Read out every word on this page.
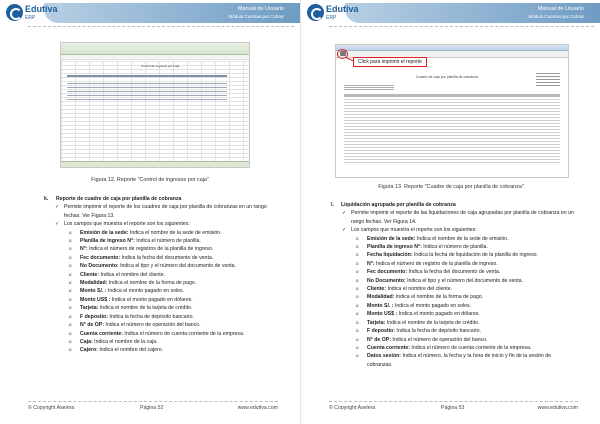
Edutiva
ERP
Manual de Usuario
Módulo Cuentas por Cobrar
Control de Ingresos por Caja
Figura 12. Reporte "Control de ingresos por caja"
k. Reporte de cuadre de caja por planilla de cobranza
✓ Permite imprimir el reporte de los cuadres de caja por planilla de cobranzas en un rango fechas. Ver Figura 13.
✓ Los campos que muestra el reporte son los siguientes:
o Emisión de la sede: Indica el nombre de la sede de emisión.
o Planilla de ingreso N°: Indica el número de planilla.
o N°: Indica el número de registros de la planilla de ingreso.
o Fec documento: Indica la fecha del documento de venta.
o No Documento: Indica el tipo y el número del documento de venta.
o Cliente: Indica el nombre del cliente.
o Modalidad: Indica el nombre de la forma de pago.
o Monto S/. : Indica el monto pagado en soles.
o Monto US$ : Indica el monto pagado en dólares.
o Tarjeta: Indica el nombre de la tarjeta de crédito.
o F deposito: Indica la fecha de depósito bancario.
o N° de OP: Indica el número de operación del banco.
o Cuenta corriente: Indica el número de cuenta corriente de la empresa.
o Caja: Indica el nombre de la caja.
o Cajero: Indica el nombre del cajero.
© Copyright Aselera	Página 52	www.edutiva.com
Edutiva
ERP
Manual de Usuario
Módulo Cuentas por Cobrar
Click para imprimir el reporte
Cuadre de caja por planilla de cobranza
Figura 13. Reporte "Cuadre de caja por planilla de cobranza"
l. Liquidación agrupada por planilla de cobranza
✓ Permite imprimir el reporte de las liquidaciones de caja agrupadas por planilla de cobranza en un rango fechas. Ver Figura 14.
✓ Los campos que muestra el reporte son los siguientes:
o Emisión de la sede: Indica el nombre de la sede de emisión.
o Planilla de ingreso N°: Indica el número de planilla.
o Fecha liquidación: Indica la fecha de liquidación de la planilla de ingreso.
o N°: Indica el número de registro de la planilla de ingreso.
o Fec documento: Indica la fecha del documento de venta.
o No Documento: Indica el tipo y el número del documento de venta.
o Cliente: Indica el nombre del cliente.
o Modalidad: Indica el nombre de la forma de pago.
o Monto S/. : Indica el monto pagado en soles.
o Monto US$ : Indica el monto pagado en dólares.
o Tarjeta: Indica el nombre de la tarjeta de crédito.
o F deposito: Indica la fecha de depósito bancario.
o N° de OP: Indica el número de operación del banco.
o Cuenta corriente: Indica el número de cuenta corriente de la empresa.
o Datos sesión: Indica el número, la fecha y la hora de inicio y fin de la sesión de cobranzas.
© Copyright Aselera	Página 53	www.edutiva.com
